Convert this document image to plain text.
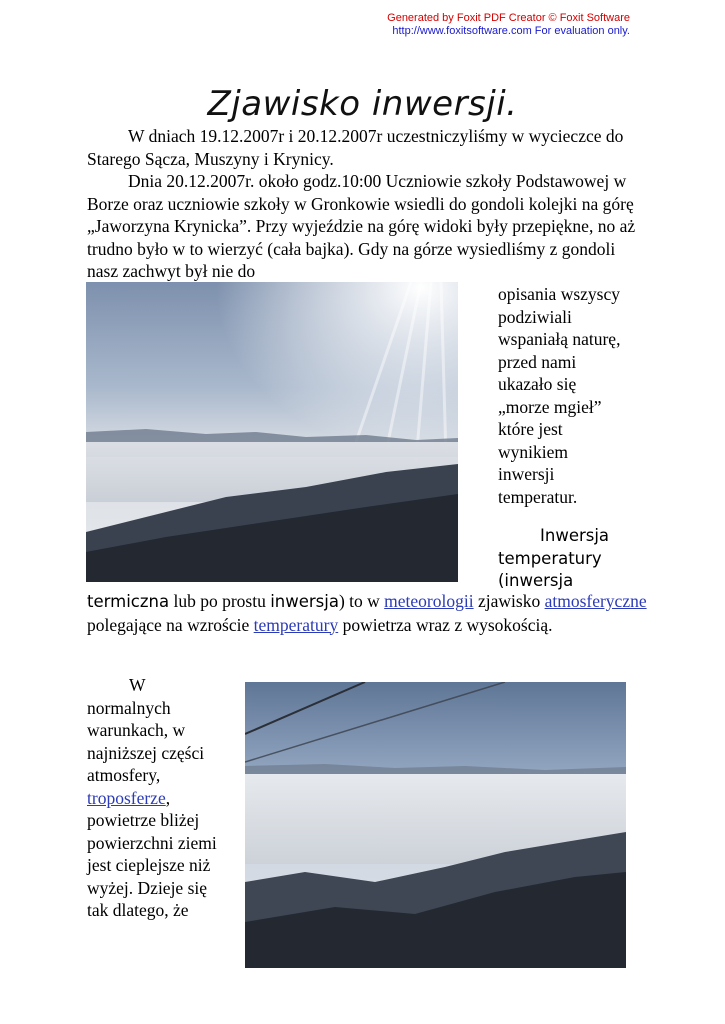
Generated by Foxit PDF Creator © Foxit Software
http://www.foxitsoftware.com For evaluation only.
Zjawisko inwersji.
W dniach 19.12.2007r i 20.12.2007r uczestniczyliśmy w wycieczce do Starego Sącza, Muszyny i Krynicy.
Dnia 20.12.2007r. około godz.10:00 Uczniowie szkoły Podstawowej w Borze oraz uczniowie szkoły w Gronkowie wsiedli do gondoli kolejki na górę „Jaworzyna Krynicka”. Przy wyjeździe na górę widoki były przepiękne, no aż trudno było w to wierzyć (cała bajka). Gdy na górze wysiedliśmy z gondoli nasz zachwyt był nie do
opisania wszyscy
podziwiali
wspaniałą naturę,
przed nami
ukazało się
„morze mgieł”
które jest
wynikiem
inwersji
temperatur.
Inwersja
temperatury
(inwersja
termiczna lub po prostu inwersja) to w meteorologii zjawisko atmosferyczne polegające na wzroście temperatury powietrza wraz z wysokością.
W
normalnych
warunkach, w
najniższej części
atmosfery,
troposferze,
powietrze bliżej
powierzchni ziemi
jest cieplejsze niż
wyżej. Dzieje się
tak dlatego, że
